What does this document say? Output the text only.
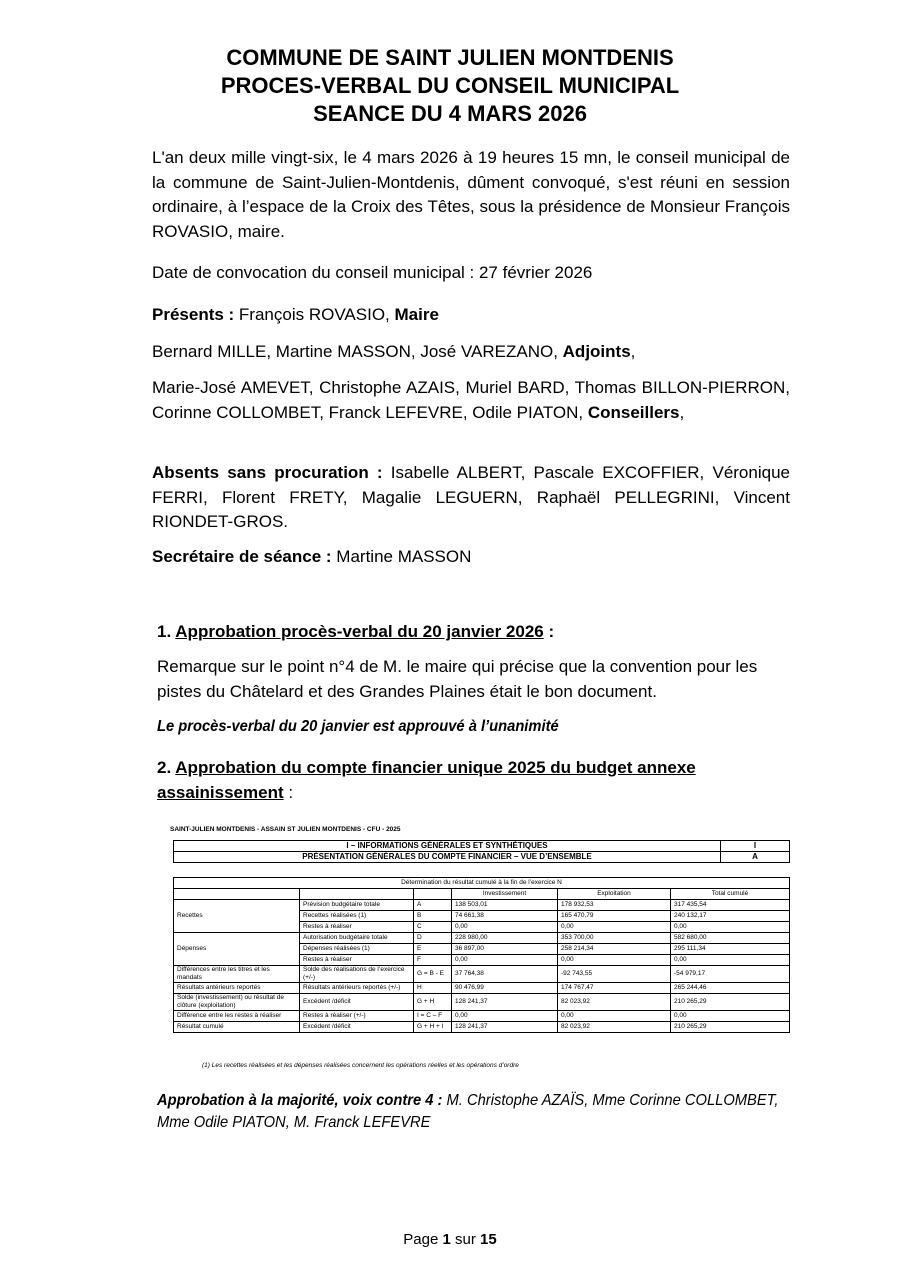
COMMUNE DE SAINT JULIEN MONTDENIS
PROCES-VERBAL DU CONSEIL MUNICIPAL
SEANCE DU 4 MARS 2026
L'an deux mille vingt-six, le 4 mars 2026 à 19 heures 15 mn, le conseil municipal de la commune de Saint-Julien-Montdenis, dûment convoqué, s'est réuni en session ordinaire, à l’espace de la Croix des Têtes, sous la présidence de Monsieur François ROVASIO, maire.
Date de convocation du conseil municipal : 27 février 2026
Présents : François ROVASIO, Maire
Bernard MILLE, Martine MASSON, José VAREZANO, Adjoints,
Marie-José AMEVET, Christophe AZAIS, Muriel BARD, Thomas BILLON-PIERRON, Corinne COLLOMBET, Franck LEFEVRE, Odile PIATON, Conseillers,
Absents sans procuration : Isabelle ALBERT, Pascale EXCOFFIER, Véronique FERRI, Florent FRETY, Magalie LEGUERN, Raphaël PELLEGRINI, Vincent RIONDET-GROS.
Secrétaire de séance : Martine MASSON
1. Approbation procès-verbal du 20 janvier 2026 :
Remarque sur le point n°4 de M. le maire qui précise que la convention pour les pistes du Châtelard et des Grandes Plaines était le bon document.
Le procès-verbal du 20 janvier est approuvé à l’unanimité
2. Approbation du compte financier unique 2025 du budget annexe assainissement :
SAINT-JULIEN MONTDENIS - ASSAIN ST JULIEN MONTDENIS - CFU - 2025
I – INFORMATIONS GÉNÉRALES ET SYNTHÉTIQUES	I
PRÉSENTATION GÉNÉRALES DU COMPTE FINANCIER – VUE D’ENSEMBLE	A
Détermination du résultat cumulé à la fin de l’exercice N					
			Investissement	Exploitation	Total cumulé
Recettes	Prévision budgétaire totale	A	138 503,01	178 932,53	317 435,54
	Recettes réalisées (1)	B	74 661,38	165 470,79	240 132,17
	Restes à réaliser	C	0,00	0,00	0,00
Dépenses	Autorisation budgétaire totale	D	228 980,00	353 700,00	582 680,00
	Dépenses réalisées (1)	E	36 897,00	258 214,34	295 111,34
	Restes à réaliser	F	0,00	0,00	0,00
Différences entre les titres et les mandats	Solde des réalisations de l’exercice (+/-)	G = B - E	37 764,38	-92 743,55	-54 979,17
Résultats antérieurs reportés	Résultats antérieurs reportés (+/-)	H	90 476,99	174 767,47	265 244,46
Solde (investissement) ou résultat de clôture (exploitation)	Excédent /déficit	G + H	128 241,37	82 023,92	210 265,29
Différence entre les restes à réaliser	Restes à réaliser (+/-)	I = C – F	0,00	0,00	0,00
Résultat cumulé	Excédent /déficit	G + H + I	128 241,37	82 023,92	210 265,29
(1) Les recettes réalisées et les dépenses réalisées concernent les opérations réelles et les opérations d’ordre
Approbation à la majorité, voix contre 4 : M. Christophe AZAÏS, Mme Corinne COLLOMBET, Mme Odile PIATON, M. Franck LEFEVRE
Page 1 sur 15
